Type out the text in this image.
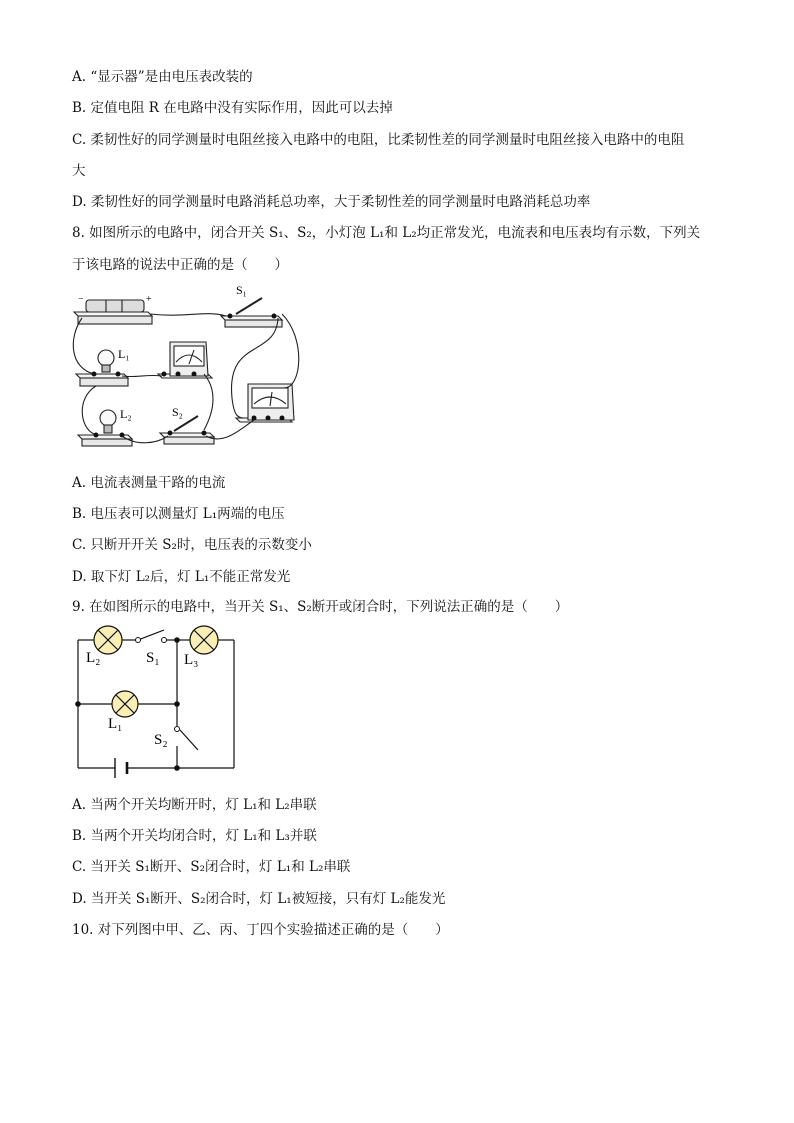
A. “显示器”是由电压表改装的
B. 定值电阻 R 在电路中没有实际作用，因此可以去掉
C. 柔韧性好的同学测量时电阻丝接入电路中的电阻，比柔韧性差的同学测量时电阻丝接入电路中的电阻
大
D. 柔韧性好的同学测量时电路消耗总功率，大于柔韧性差的同学测量时电路消耗总功率
8. 如图所示的电路中，闭合开关 S₁、S₂，小灯泡 L₁和 L₂均正常发光，电流表和电压表均有示数，下列关
于该电路的说法中正确的是（　　）
S₁
L₁
L₂	S₂
+
−
A. 电流表测量干路的电流
B. 电压表可以测量灯 L₁两端的电压
C. 只断开开关 S₂时，电压表的示数变小
D. 取下灯 L₂后，灯 L₁不能正常发光
9. 在如图所示的电路中，当开关 S₁、S₂断开或闭合时，下列说法正确的是（　　）
L₂	S₁ L₃
L₁
S₂
A. 当两个开关均断开时，灯 L₁和 L₂串联
B. 当两个开关均闭合时，灯 L₁和 L₃并联
C. 当开关 S₁断开、S₂闭合时，灯 L₁和 L₂串联
D. 当开关 S₁断开、S₂闭合时，灯 L₁被短接，只有灯 L₂能发光
10. 对下列图中甲、乙、丙、丁四个实验描述正确的是（　　）
